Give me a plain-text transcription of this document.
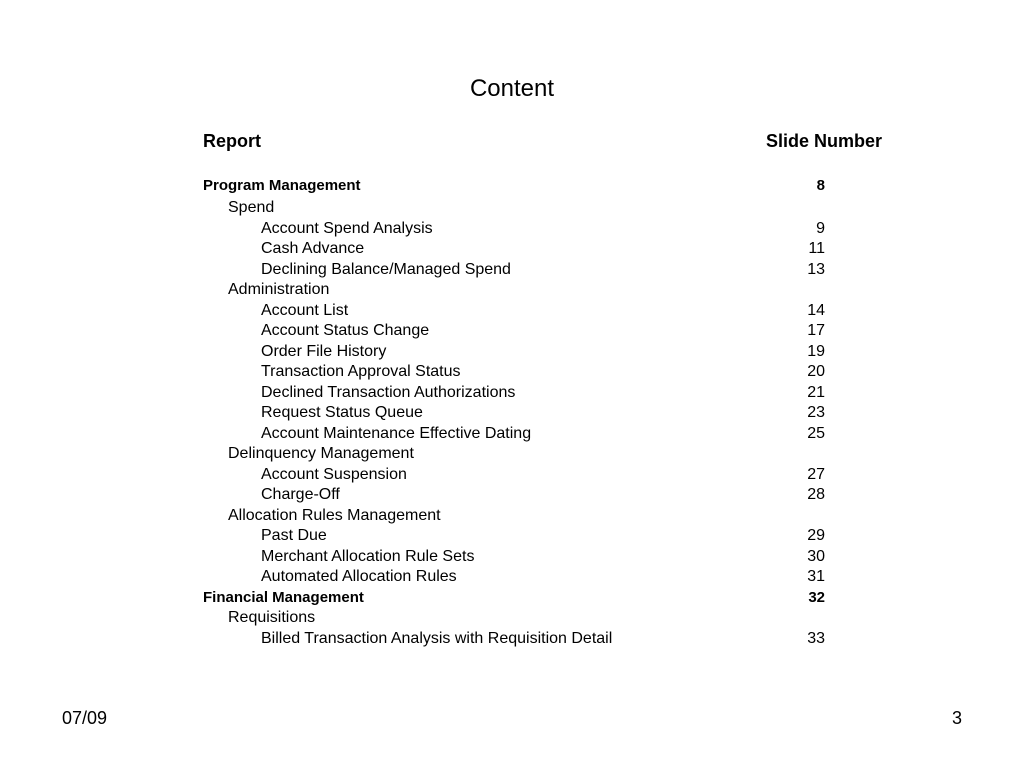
Content
Report	Slide Number
Program Management	8
Spend
Account Spend Analysis	9
Cash Advance	11
Declining Balance/Managed Spend	13
Administration
Account List	14
Account Status Change	17
Order File History	19
Transaction Approval Status	20
Declined Transaction Authorizations	21
Request Status Queue	23
Account Maintenance Effective Dating	25
Delinquency Management
Account Suspension	27
Charge-Off	28
Allocation Rules Management
Past Due	29
Merchant Allocation Rule Sets	30
Automated Allocation Rules	31
Financial Management	32
Requisitions
Billed Transaction Analysis with Requisition Detail	33
07/09	3
